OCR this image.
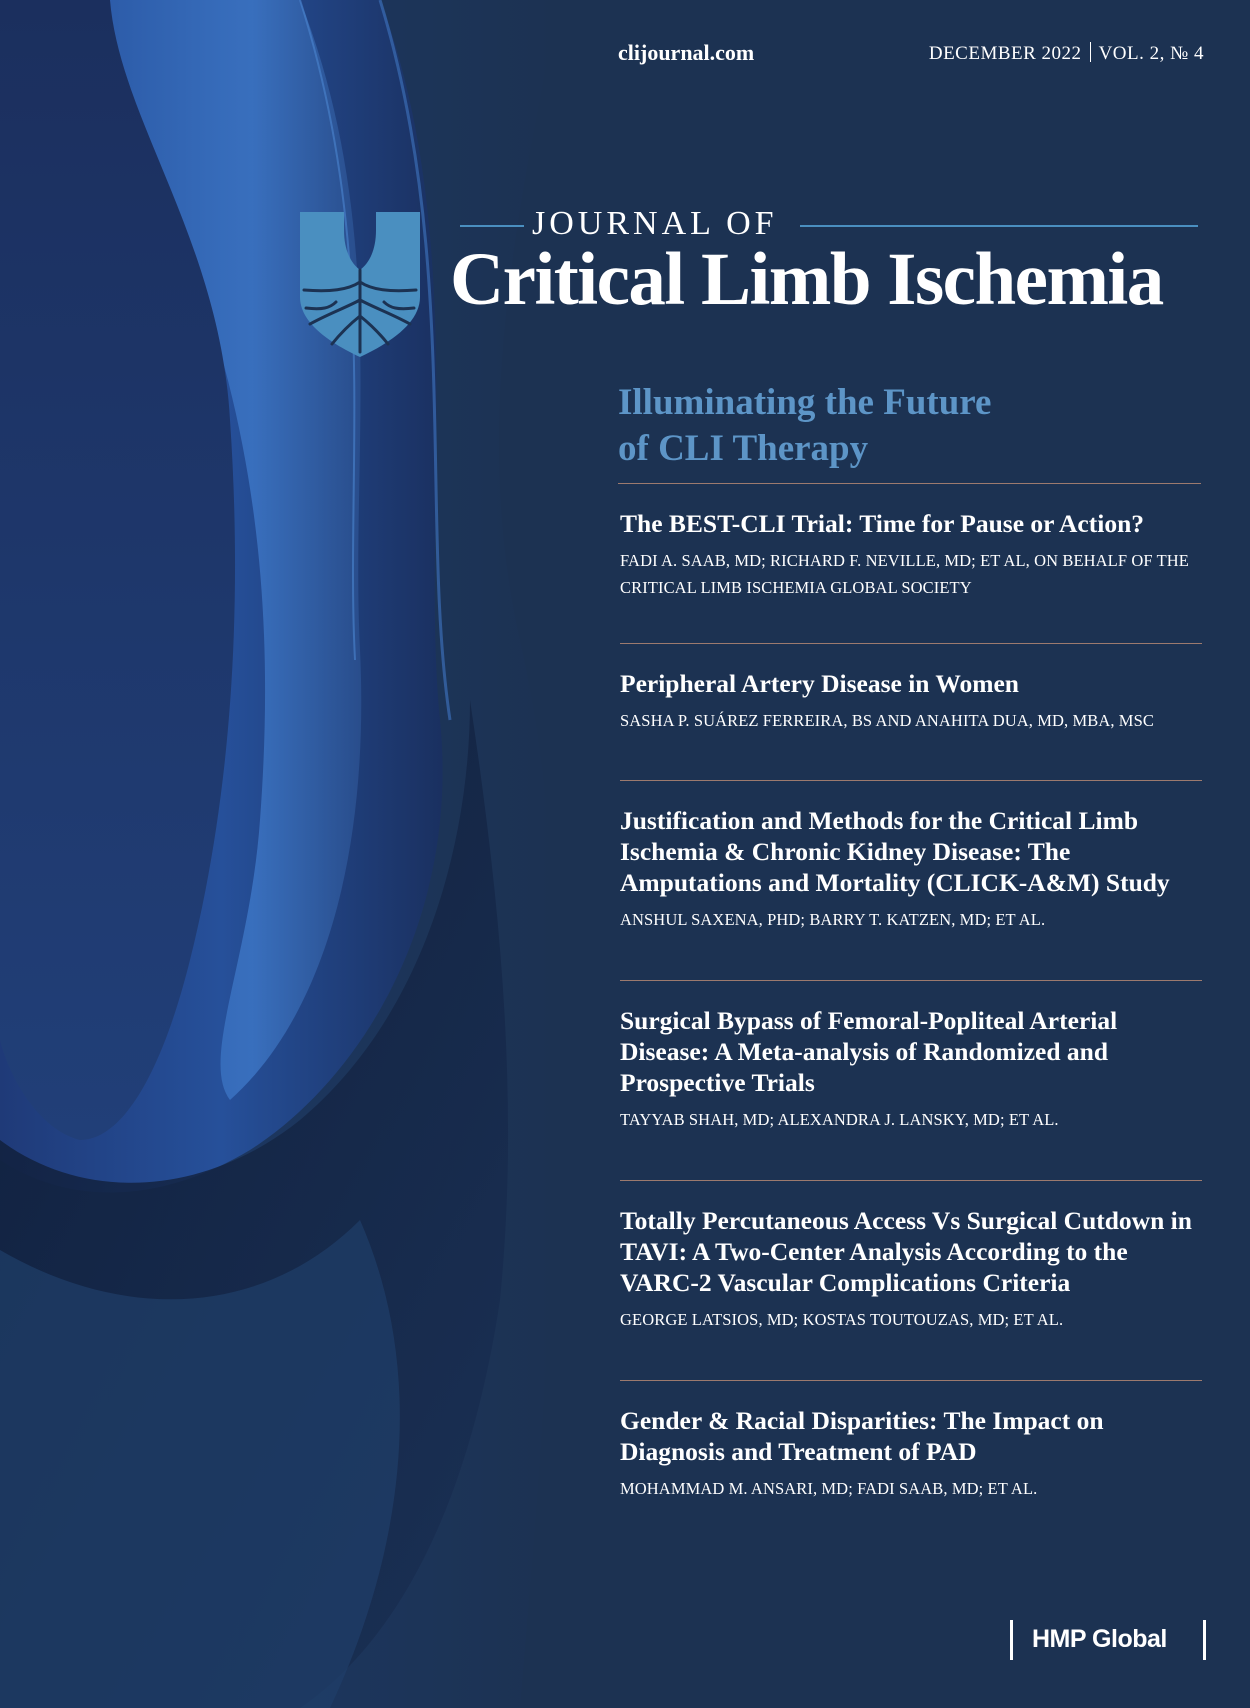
clijournal.com	DECEMBER 2022 VOL. 2, № 4
JOURNAL OF
Critical Limb Ischemia
Illuminating the Future
of CLI Therapy

The BEST-CLI Trial: Time for Pause or Action?

FADI A. SAAB, MD; RICHARD F. NEVILLE, MD; ET AL, ON BEHALF OF THE CRITICAL LIMB ISCHEMIA GLOBAL SOCIETY

Peripheral Artery Disease in Women

SASHA P. SUÁREZ FERREIRA, BS AND ANAHITA DUA, MD, MBA, MSC

Justification and Methods for the Critical Limb Ischemia & Chronic Kidney Disease: The Amputations and Mortality (CLICK-A&M) Study

ANSHUL SAXENA, PHD; BARRY T. KATZEN, MD; ET AL.

Surgical Bypass of Femoral-Popliteal Arterial Disease: A Meta-analysis of Randomized and Prospective Trials

TAYYAB SHAH, MD; ALEXANDRA J. LANSKY, MD; ET AL.

Totally Percutaneous Access Vs Surgical Cutdown in TAVI: A Two-Center Analysis According to the VARC-2 Vascular Complications Criteria

GEORGE LATSIOS, MD; KOSTAS TOUTOUZAS, MD; ET AL.

Gender & Racial Disparities: The Impact on Diagnosis and Treatment of PAD

MOHAMMAD M. ANSARI, MD; FADI SAAB, MD; ET AL.

HMP Global
